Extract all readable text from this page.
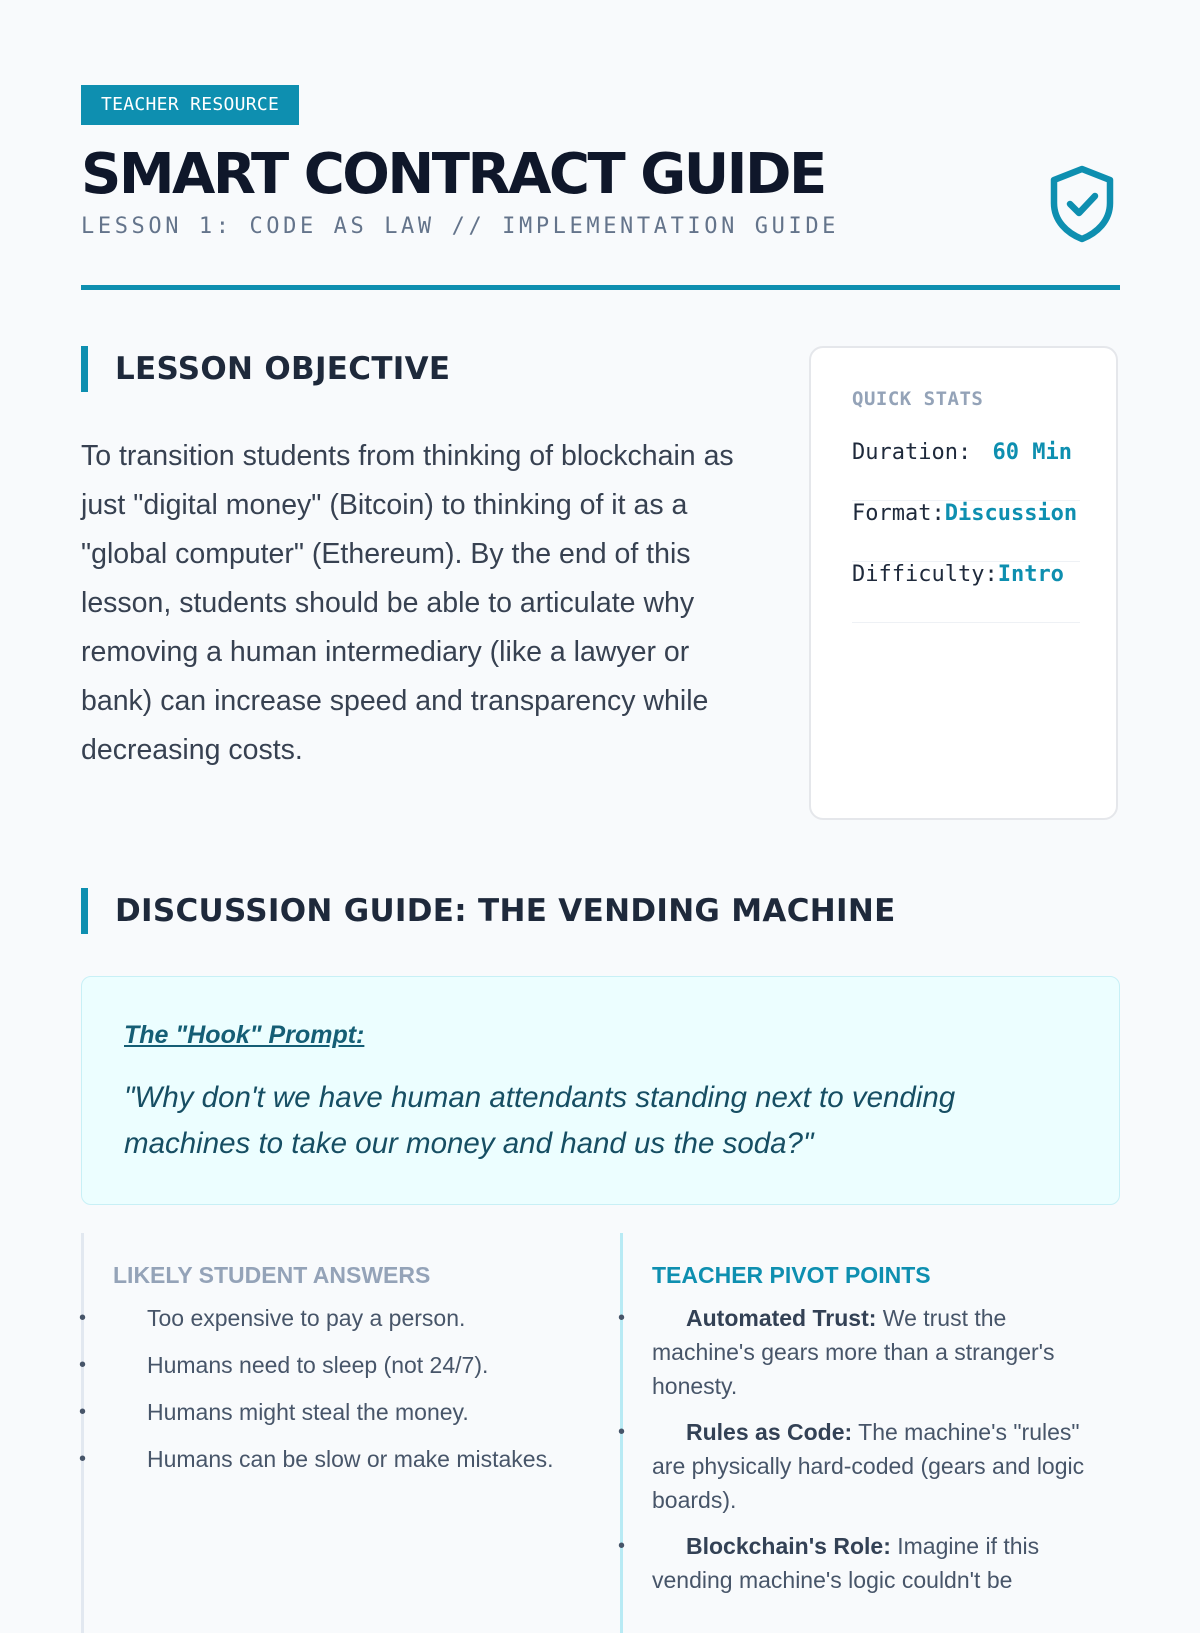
TEACHER RESOURCE
SMART CONTRACT GUIDE
LESSON 1: CODE AS LAW // IMPLEMENTATION GUIDE
LESSON OBJECTIVE

To transition students from thinking of blockchain as just "digital money" (Bitcoin) to thinking of it as a "global computer" (Ethereum). By the end of this lesson, students should be able to articulate why removing a human intermediary (like a lawyer or bank) can increase speed and transparency while decreasing costs.

QUICK STATS
Duration: 60 Min
Format:Discussion
Difficulty:Intro
DISCUSSION GUIDE: THE VENDING MACHINE
The "Hook" Prompt:

"Why don't we have human attendants standing next to vending machines to take our money and hand us the soda?"

LIKELY STUDENT ANSWERS
•	Too expensive to pay a person.
•	Humans need to sleep (not 24/7).
•	Humans might steal the money.
•	Humans can be slow or make mistakes.
TEACHER PIVOT POINTS
•	Automated Trust: We trust the machine's gears more than a stranger's honesty.
•	Rules as Code: The machine's "rules" are physically hard-coded (gears and logic boards).
•	Blockchain's Role: Imagine if this vending machine's logic couldn't be
